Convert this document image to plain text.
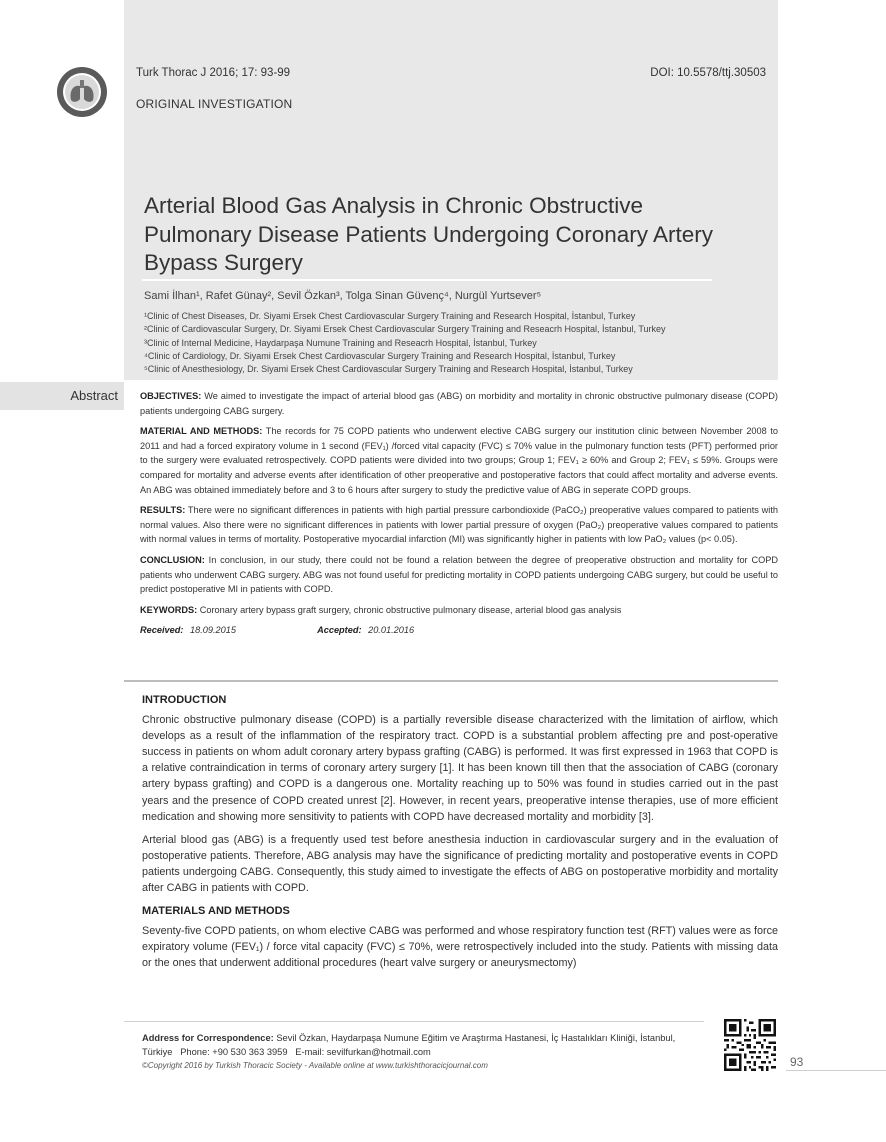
Turk Thorac J 2016; 17: 93-99	DOI: 10.5578/ttj.30503
ORIGINAL INVESTIGATION
Arterial Blood Gas Analysis in Chronic Obstructive Pulmonary Disease Patients Undergoing Coronary Artery Bypass Surgery
Sami İlhan¹, Rafet Günay², Sevil Özkan³, Tolga Sinan Güvenç⁴, Nurgül Yurtsever⁵
¹Clinic of Chest Diseases, Dr. Siyami Ersek Chest Cardiovascular Surgery Training and Research Hospital, İstanbul, Turkey
²Clinic of Cardiovascular Surgery, Dr. Siyami Ersek Chest Cardiovascular Surgery Training and Reseacrh Hospital, İstanbul, Turkey
³Clinic of Internal Medicine, Haydarpaşa Numune Training and Reseacrh Hospital, İstanbul, Turkey
⁴Clinic of Cardiology, Dr. Siyami Ersek Chest Cardiovascular Surgery Training and Research Hospital, İstanbul, Turkey
⁵Clinic of Anesthesiology, Dr. Siyami Ersek Chest Cardiovascular Surgery Training and Research Hospital, İstanbul, Turkey
Abstract OBJECTIVES: We aimed to investigate the impact of arterial blood gas (ABG) on morbidity and mortality in chronic obstructive pulmonary disease (COPD) patients undergoing CABG surgery.

MATERIAL AND METHODS: The records for 75 COPD patients who underwent elective CABG surgery our institution clinic between November 2008 to 2011 and had a forced expiratory volume in 1 second (FEV₁) /forced vital capacity (FVC) ≤ 70% value in the pulmonary function tests (PFT) performed prior to the surgery were evaluated retrospectively. COPD patients were divided into two groups; Group 1; FEV₁ ≥ 60% and Group 2; FEV₁ ≤ 59%. Groups were compared for mortality and adverse events after identification of other preoperative and postoperative factors that could affect mortality and adverse events. An ABG was obtained immediately before and 3 to 6 hours after surgery to study the predictive value of ABG in seperate COPD groups.

RESULTS: There were no significant differences in patients with high partial pressure carbondioxide (PaCO₂) preoperative values compared to patients with normal values. Also there were no significant differences in patients with lower partial pressure of oxygen (PaO₂) preoperative values compared to patients with normal values in terms of mortality. Postoperative myocardial infarction (MI) was significantly higher in patients with low PaO₂ values (p< 0.05).

CONCLUSION: In conclusion, in our study, there could not be found a relation between the degree of preoperative obstruction and mortality for COPD patients who underwent CABG surgery. ABG was not found useful for predicting mortality in COPD patients undergoing CABG surgery, but could be useful to predict postoperative MI in patients with COPD.

KEYWORDS: Coronary artery bypass graft surgery, chronic obstructive pulmonary disease, arterial blood gas analysis

Received: 18.09.2015	Accepted: 20.01.2016
INTRODUCTION

Chronic obstructive pulmonary disease (COPD) is a partially reversible disease characterized with the limitation of airflow, which develops as a result of the inflammation of the respiratory tract. COPD is a substantial problem affecting pre and post-operative success in patients on whom adult coronary artery bypass grafting (CABG) is performed. It was first expressed in 1963 that COPD is a relative contraindication in terms of coronary artery surgery [1]. It has been known till then that the association of CABG (coronary artery bypass grafting) and COPD is a dangerous one. Mortality reaching up to 50% was found in studies carried out in the past years and the presence of COPD created unrest [2]. However, in recent years, preoperative intense therapies, use of more efficient medication and showing more sensitivity to patients with COPD have decreased mortality and morbidity [3].

Arterial blood gas (ABG) is a frequently used test before anesthesia induction in cardiovascular surgery and in the evaluation of postoperative patients. Therefore, ABG analysis may have the significance of predicting mortality and postoperative events in COPD patients undergoing CABG. Consequently, this study aimed to investigate the effects of ABG on postoperative morbidity and mortality after CABG in patients with COPD.

MATERIALS AND METHODS

Seventy-five COPD patients, on whom elective CABG was performed and whose respiratory function test (RFT) values were as force expiratory volume (FEV₁) / force vital capacity (FVC) ≤ 70%, were retrospectively included into the study. Patients with missing data or the ones that underwent additional procedures (heart valve surgery or aneurysmectomy)

Address for Correspondence: Sevil Özkan, Haydarpaşa Numune Eğitim ve Araştırma Hastanesi, İç Hastalıkları Kliniği, İstanbul, Türkiye Phone: +90 530 363 3959 E-mail: sevilfurkan@hotmail.com
©Copyright 2016 by Turkish Thoracic Society - Available online at www.turkishthoracicjournal.com	93
